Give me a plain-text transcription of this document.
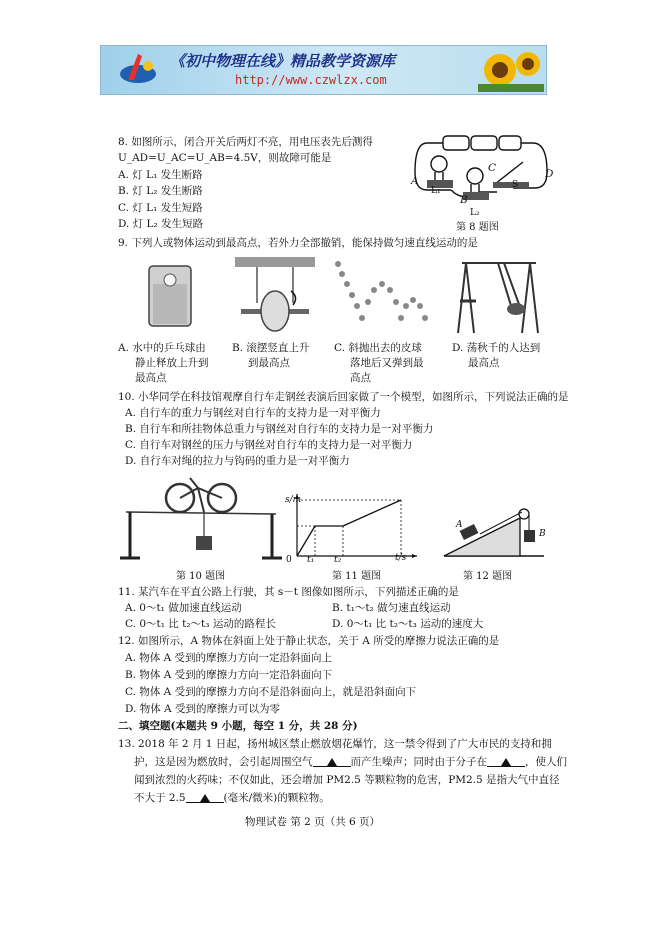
《初中物理在线》精品教学资源库
http://www.czwlzx.com
8. 如图所示，闭合开关后两灯不亮，用电压表先后测得
U_AD=U_AC=U_AB=4.5V，则故障可能是
A. 灯 L₁ 发生断路
B. 灯 L₂ 发生断路
C. 灯 L₁ 发生短路
D. 灯 L₂ 发生短路
A
L₁
B
L₂
C
S
D
第 8 题图
9. 下列人或物体运动到最高点，若外力全部撤销，能保持做匀速直线运动的是
A. 水中的乒乓球由
静止释放上升到
最高点
B. 滚摆竖直上升
到最高点
C. 斜抛出去的皮球
落地后又弹到最
高点
D. 荡秋千的人达到
最高点
10. 小华同学在科技馆观摩自行车走钢丝表演后回家做了一个模型，如图所示，下列说法正确的是
A. 自行车的重力与钢丝对自行车的支持力是一对平衡力
B. 自行车和所挂物体总重力与钢丝对自行车的支持力是一对平衡力
C. 自行车对钢丝的压力与钢丝对自行车的支持力是一对平衡力
D. 自行车对绳的拉力与钩码的重力是一对平衡力
第 10 题图
s/m
0 t₁ t₂	t/s
第 11 题图
A
B
第 12 题图
11. 某汽车在平直公路上行驶，其 s－t 图像如图所示，下列描述正确的是
A. 0～t₁ 做加速直线运动	B. t₁～t₂ 做匀速直线运动
C. 0～t₁ 比 t₂～t₃ 运动的路程长	D. 0～t₁ 比 t₂～t₃ 运动的速度大
12. 如图所示，A 物体在斜面上处于静止状态，关于 A 所受的摩擦力说法正确的是
A. 物体 A 受到的摩擦力方向一定沿斜面向上
B. 物体 A 受到的摩擦力方向一定沿斜面向下
C. 物体 A 受到的摩擦力方向不是沿斜面向上，就是沿斜面向下
D. 物体 A 受到的摩擦力可以为零
二、填空题(本题共 9 小题，每空 1 分，共 28 分)
13. 2018 年 2 月 1 日起，扬州城区禁止燃放烟花爆竹，这一禁令得到了广大市民的支持和拥
护，这是因为燃放时，会引起周围空气	而产生噪声；同时由于分子在	，使人们
闻到浓烈的火药味；不仅如此，还会增加 PM2.5 等颗粒物的危害，PM2.5 是指大气中直径
不大于 2.5	(毫米/微米)的颗粒物。
物理试卷 第 2 页（共 6 页）
